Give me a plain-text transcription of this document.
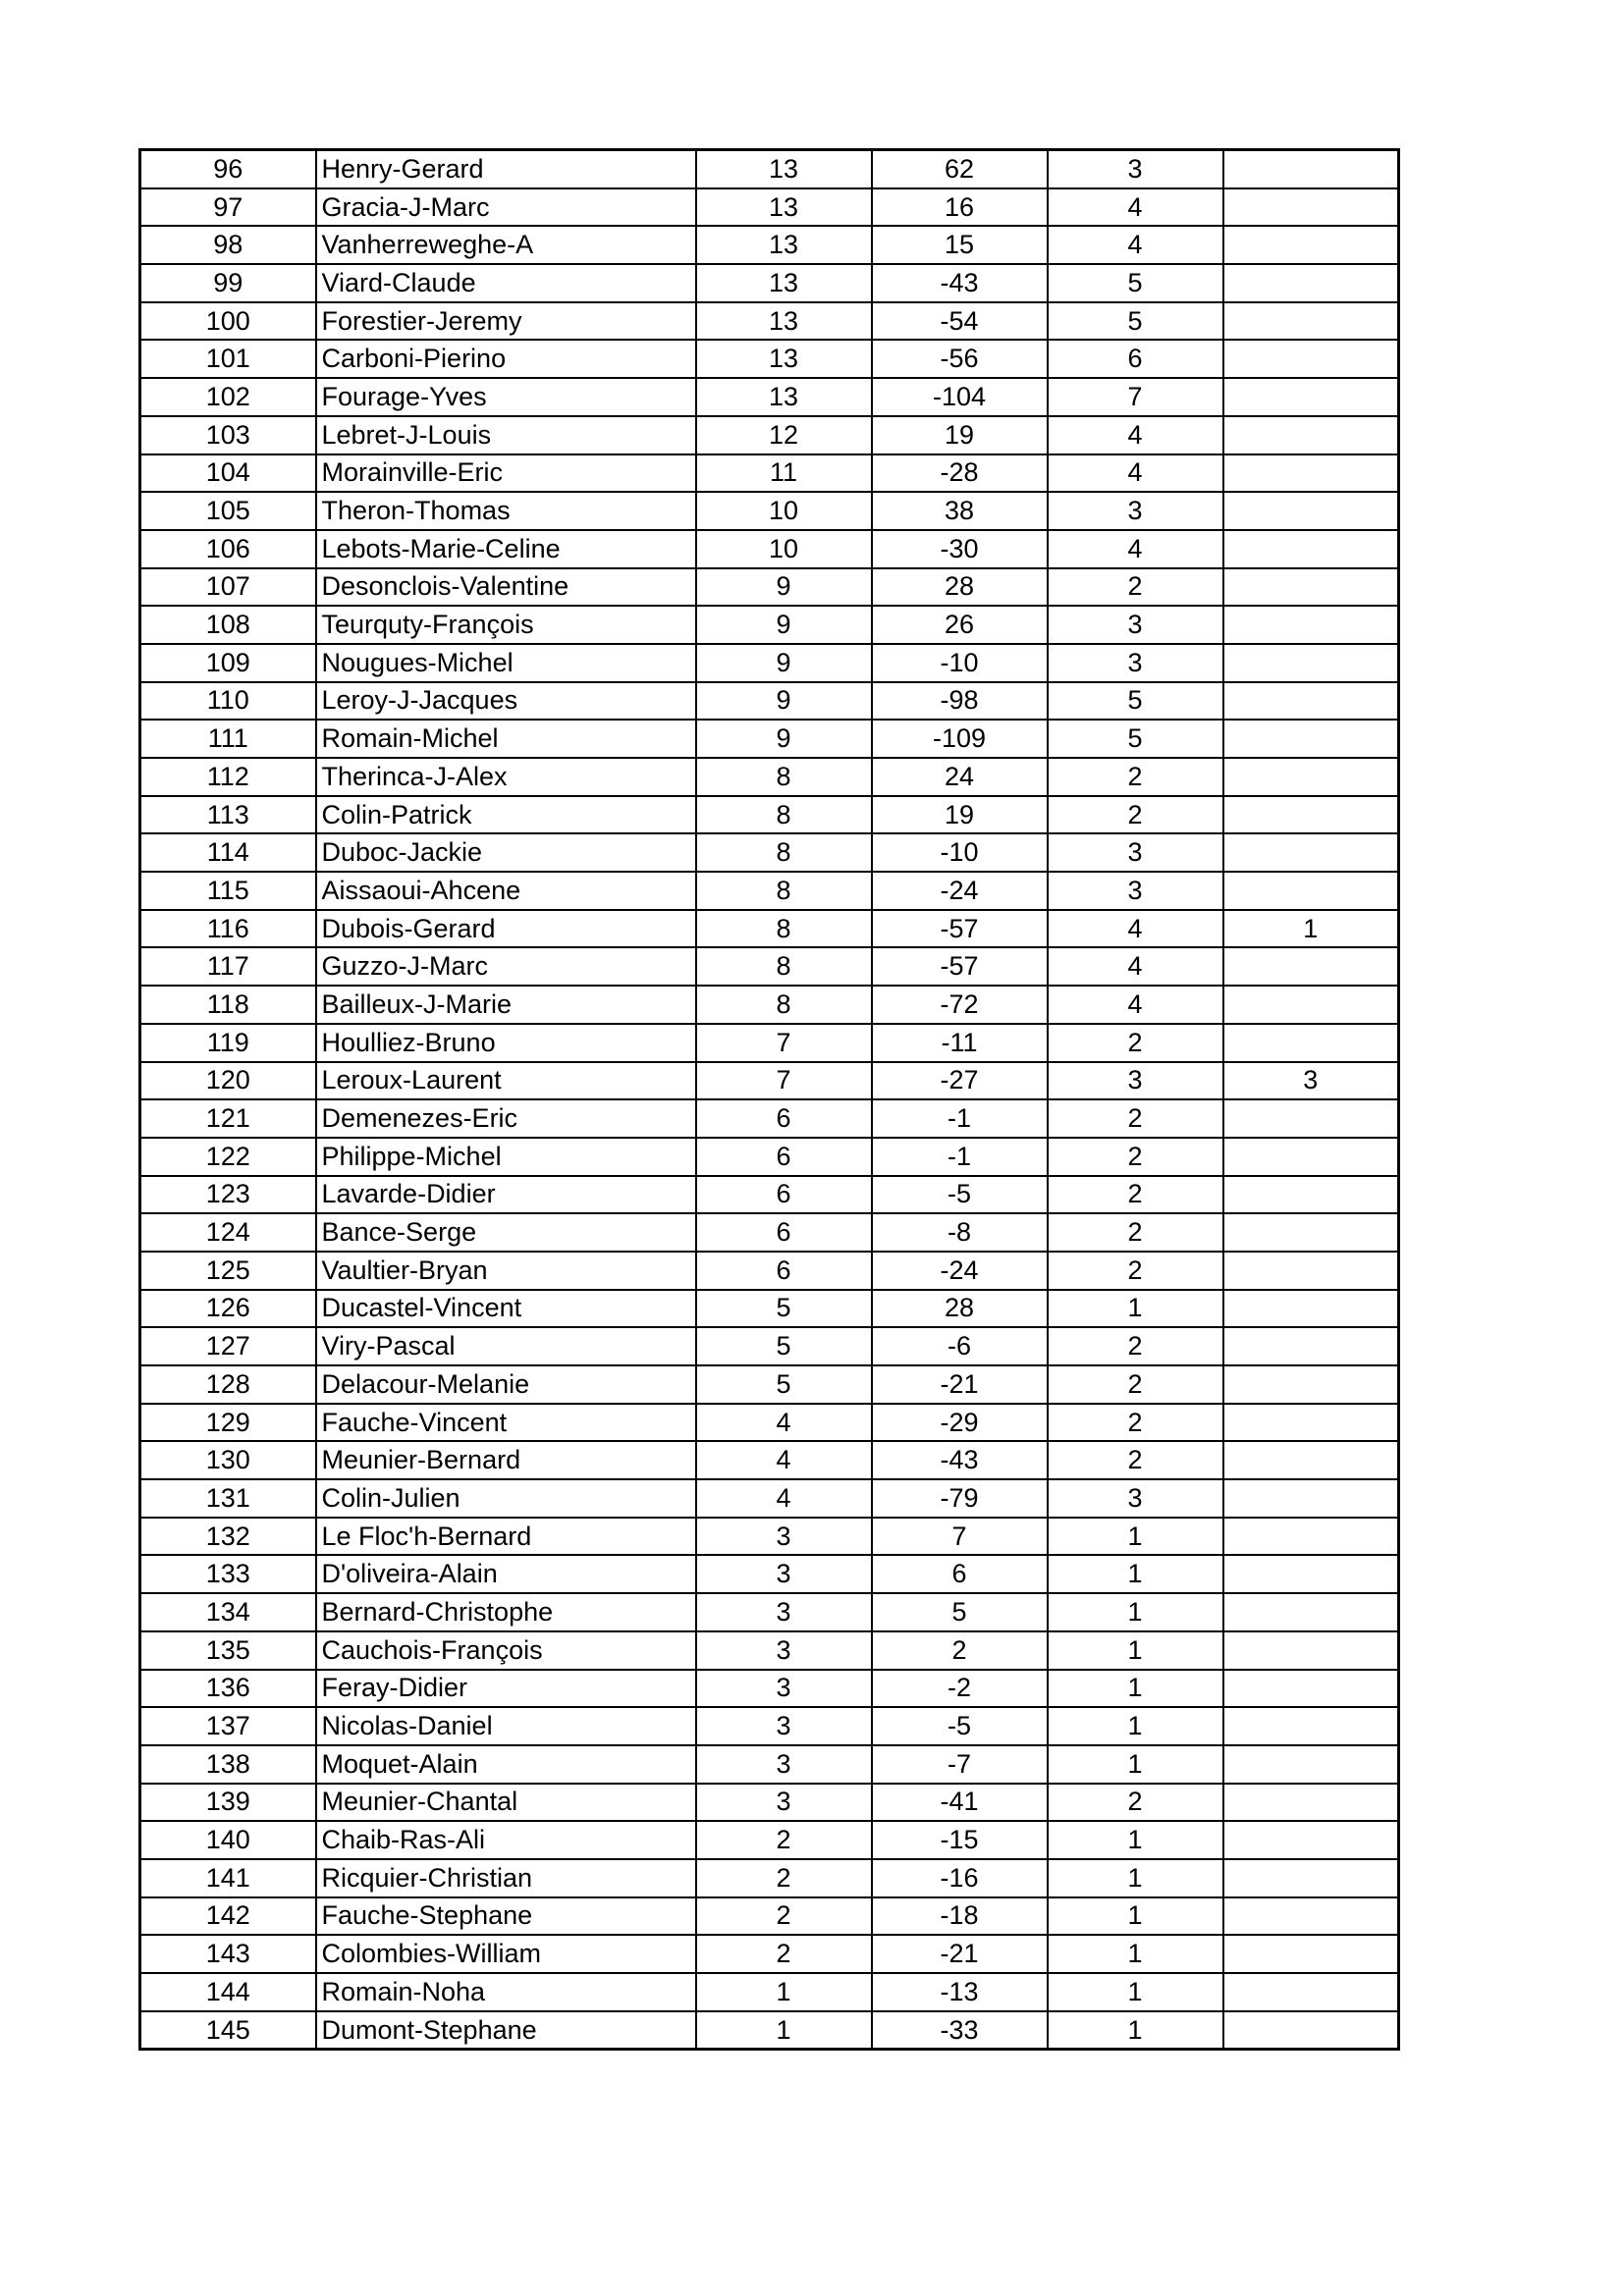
96	Henry-Gerard	13	62	3	
97	Gracia-J-Marc	13	16	4	
98	Vanherreweghe-A	13	15	4	
99	Viard-Claude	13	-43	5	
100	Forestier-Jeremy	13	-54	5	
101	Carboni-Pierino	13	-56	6	
102	Fourage-Yves	13	-104	7	
103	Lebret-J-Louis	12	19	4	
104	Morainville-Eric	11	-28	4	
105	Theron-Thomas	10	38	3	
106	Lebots-Marie-Celine	10	-30	4	
107	Desonclois-Valentine	9	28	2	
108	Teurquty-François	9	26	3	
109	Nougues-Michel	9	-10	3	
110	Leroy-J-Jacques	9	-98	5	
111	Romain-Michel	9	-109	5	
112	Therinca-J-Alex	8	24	2	
113	Colin-Patrick	8	19	2	
114	Duboc-Jackie	8	-10	3	
115	Aissaoui-Ahcene	8	-24	3	
116	Dubois-Gerard	8	-57	4	1
117	Guzzo-J-Marc	8	-57	4	
118	Bailleux-J-Marie	8	-72	4	
119	Houlliez-Bruno	7	-11	2	
120	Leroux-Laurent	7	-27	3	3
121	Demenezes-Eric	6	-1	2	
122	Philippe-Michel	6	-1	2	
123	Lavarde-Didier	6	-5	2	
124	Bance-Serge	6	-8	2	
125	Vaultier-Bryan	6	-24	2	
126	Ducastel-Vincent	5	28	1	
127	Viry-Pascal	5	-6	2	
128	Delacour-Melanie	5	-21	2	
129	Fauche-Vincent	4	-29	2	
130	Meunier-Bernard	4	-43	2	
131	Colin-Julien	4	-79	3	
132	Le Floc'h-Bernard	3	7	1	
133	D'oliveira-Alain	3	6	1	
134	Bernard-Christophe	3	5	1	
135	Cauchois-François	3	2	1	
136	Feray-Didier	3	-2	1	
137	Nicolas-Daniel	3	-5	1	
138	Moquet-Alain	3	-7	1	
139	Meunier-Chantal	3	-41	2	
140	Chaib-Ras-Ali	2	-15	1	
141	Ricquier-Christian	2	-16	1	
142	Fauche-Stephane	2	-18	1	
143	Colombies-William	2	-21	1	
144	Romain-Noha	1	-13	1	
145	Dumont-Stephane	1	-33	1	
